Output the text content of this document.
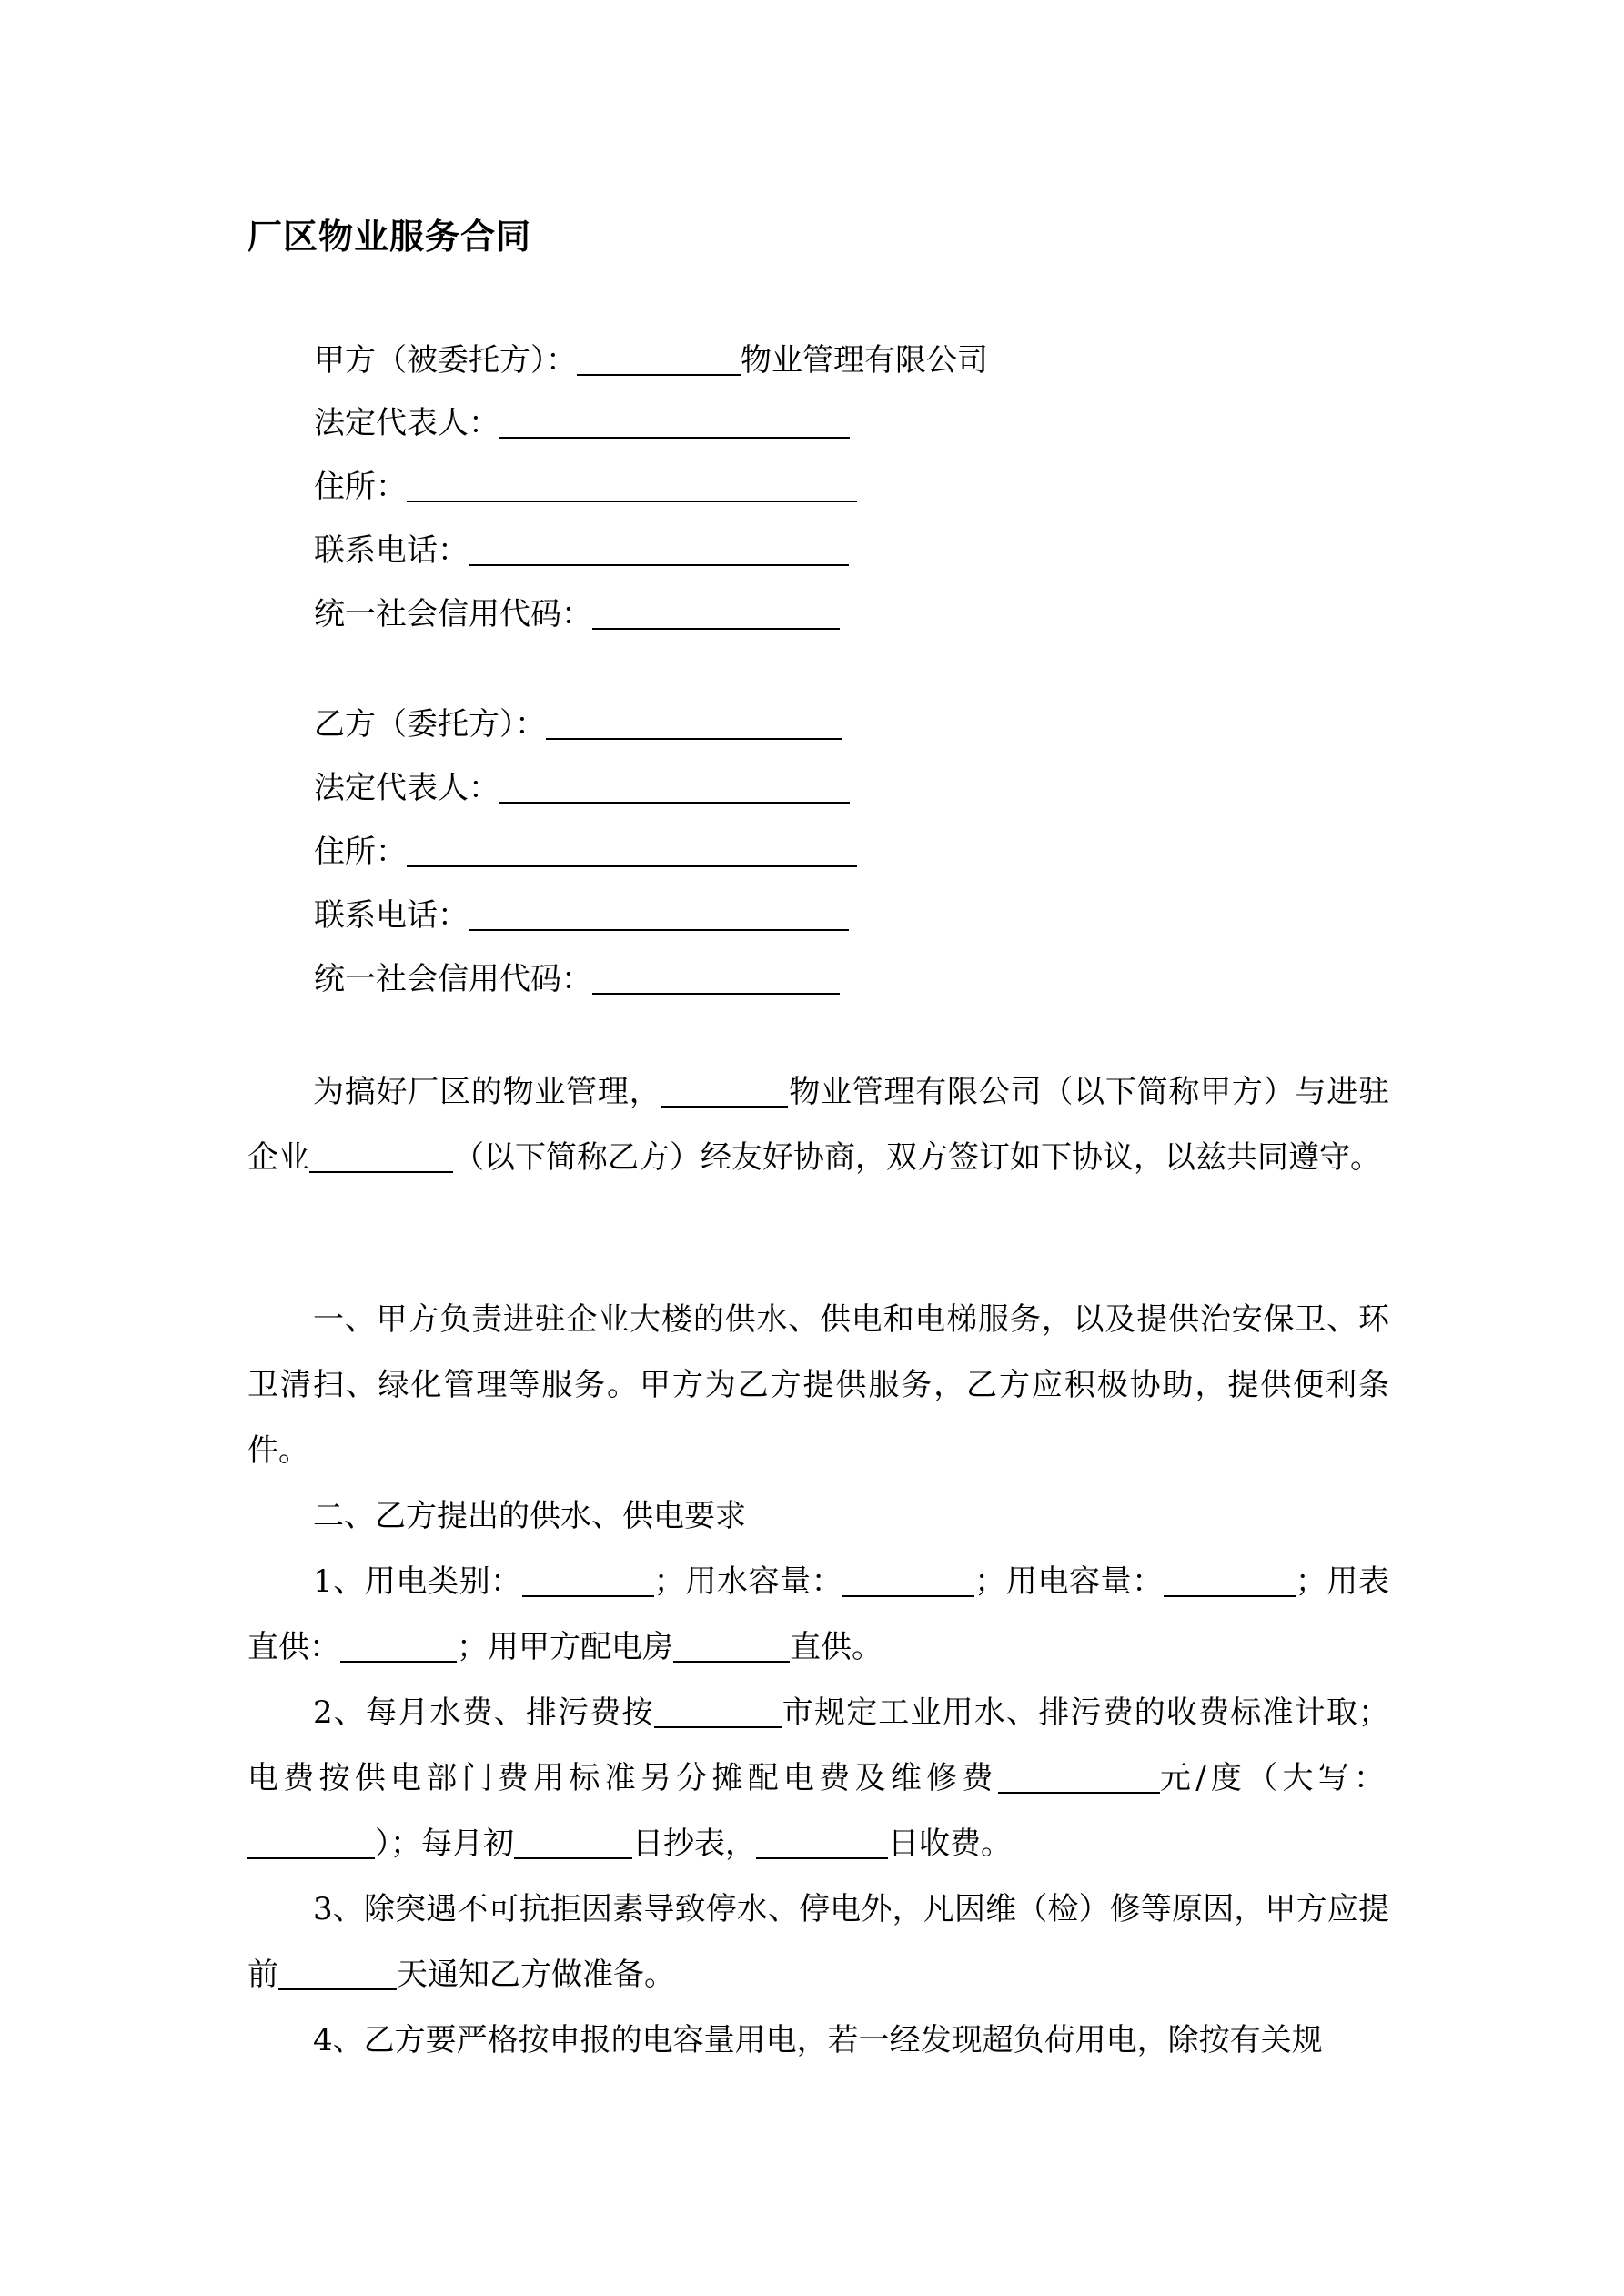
厂区物业服务合同
甲方（被委托方）：	物业管理有限公司
法定代表人：
住所：
联系电话：
统一社会信用代码：
乙方（委托方）：
法定代表人：
住所：
联系电话：
统一社会信用代码：
为搞好厂区的物业管理，	物业管理有限公司（以下简称甲方）与进驻企业	（以下简称乙方）经友好协商，双方签订如下协议，以兹共同遵守。
一、甲方负责进驻企业大楼的供水、供电和电梯服务，以及提供治安保卫、环卫清扫、绿化管理等服务。甲方为乙方提供服务，乙方应积极协助，提供便利条件。
二、乙方提出的供水、供电要求
1、用电类别：	；用水容量：	；用电容量：	；用表直供：	；用甲方配电房	直供。
2、每月水费、排污费按	市规定工业用水、排污费的收费标准计取；电费按供电部门费用标准另分摊配电费及维修费	元/度（大写：）；每月初	日抄表，	日收费。
3、除突遇不可抗拒因素导致停水、停电外，凡因维（检）修等原因，甲方应提前	天通知乙方做准备。
4、乙方要严格按申报的电容量用电，若一经发现超负荷用电，除按有关规
